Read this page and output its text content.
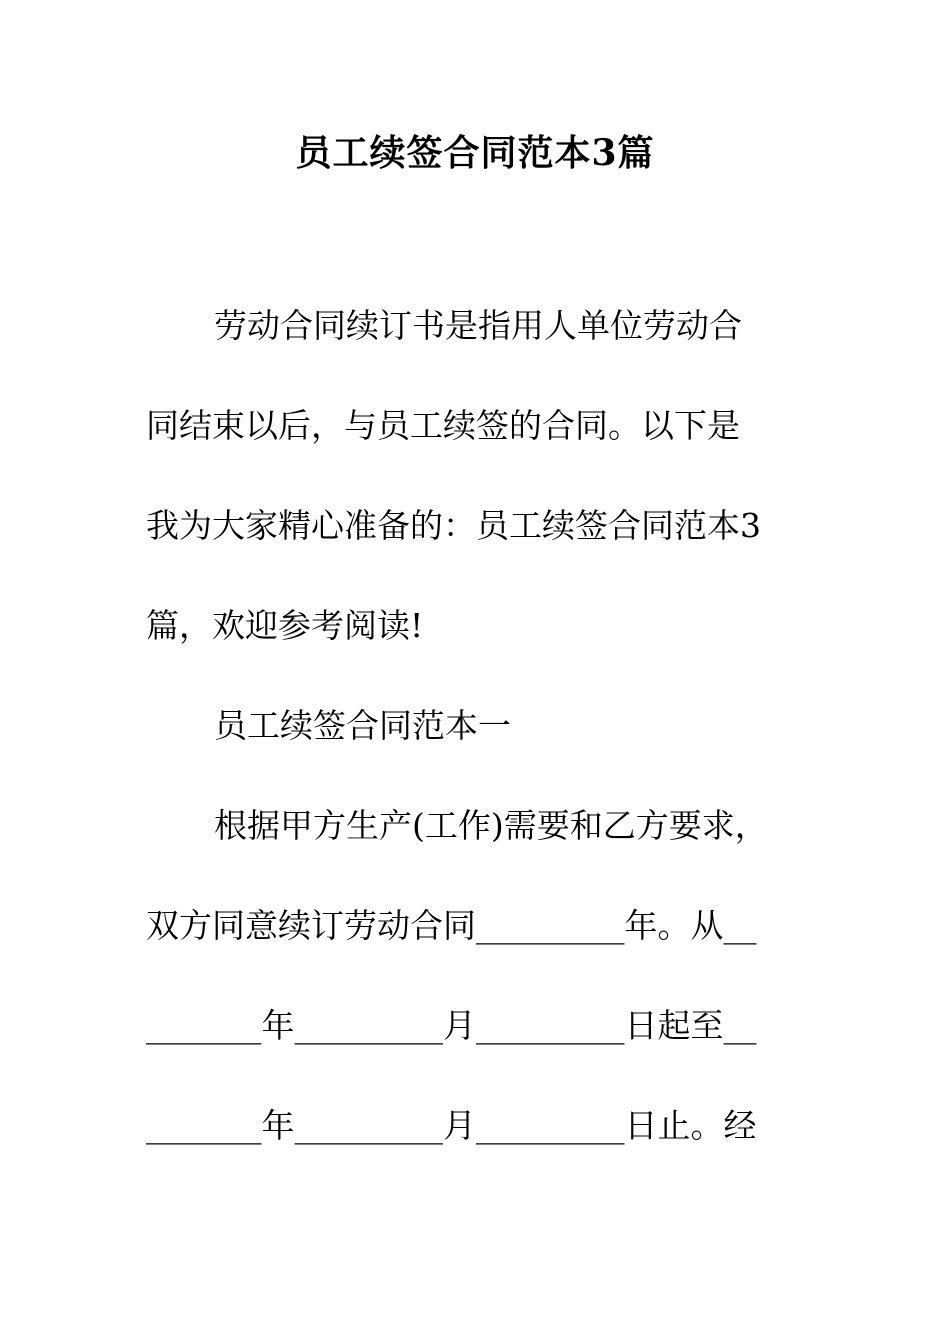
员工续签合同范本3篇
劳动合同续订书是指用人单位劳动合
同结束以后，与员工续签的合同。以下是
我为大家精心准备的：员工续签合同范本3
篇，欢迎参考阅读!
员工续签合同范本一
根据甲方生产(工作)需要和乙方要求，
双方同意续订劳动合同_________年。从__
_______年_________月_________日起至__
_______年_________月_________日止。经
